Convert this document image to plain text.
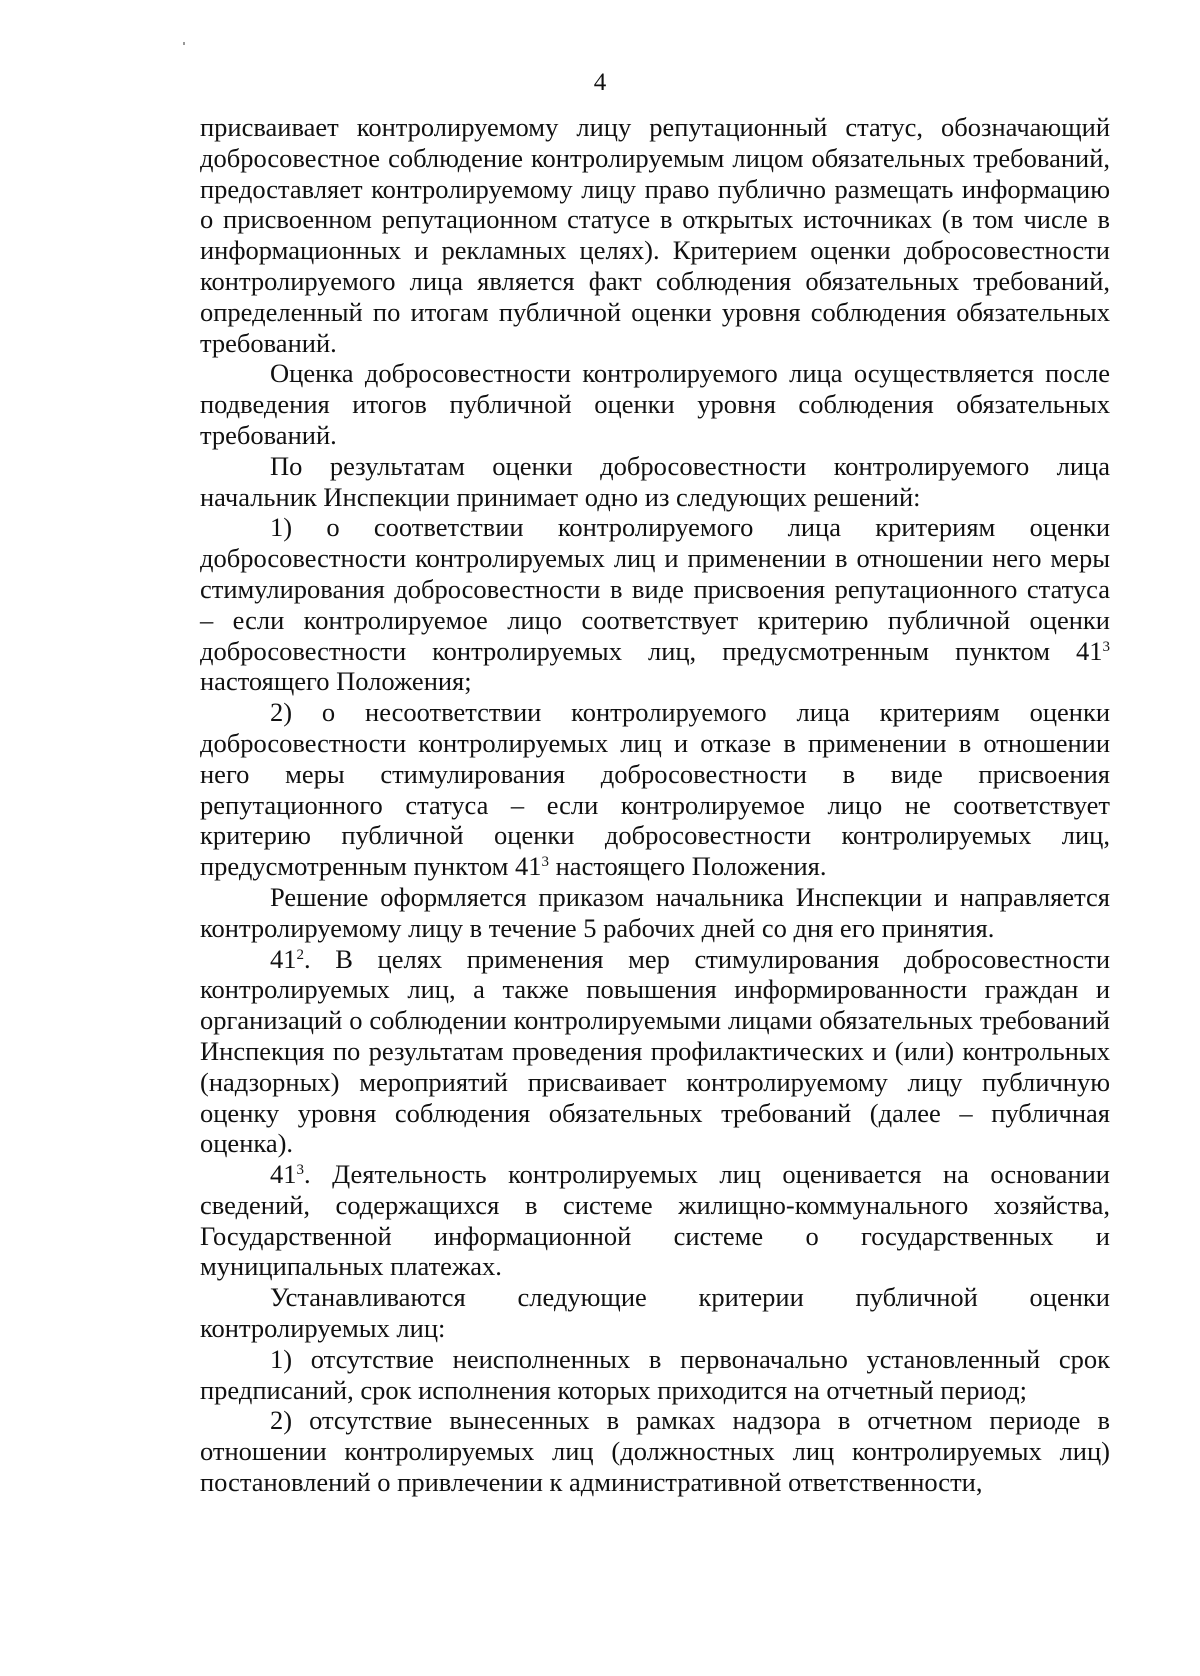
4

присваивает контролируемому лицу репутационный статус, обозначающий добросовестное соблюдение контролируемым лицом обязательных требований, предоставляет контролируемому лицу право публично размещать информацию о присвоенном репутационном статусе в открытых источниках (в том числе в информационных и рекламных целях). Критерием оценки добросовестности контролируемого лица является факт соблюдения обязательных требований, определенный по итогам публичной оценки уровня соблюдения обязательных требований.

Оценка добросовестности контролируемого лица осуществляется после подведения итогов публичной оценки уровня соблюдения обязательных требований.

По результатам оценки добросовестности контролируемого лица начальник Инспекции принимает одно из следующих решений:

1) о соответствии контролируемого лица критериям оценки добросовестности контролируемых лиц и применении в отношении него меры стимулирования добросовестности в виде присвоения репутационного статуса – если контролируемое лицо соответствует критерию публичной оценки добросовестности контролируемых лиц, предусмотренным пунктом $41^3$ настоящего Положения;

2) о несоответствии контролируемого лица критериям оценки добросовестности контролируемых лиц и отказе в применении в отношении него меры стимулирования добросовестности в виде присвоения репутационного статуса – если контролируемое лицо не соответствует критерию публичной оценки добросовестности контролируемых лиц, предусмотренным пунктом $41^3$ настоящего Положения.

Решение оформляется приказом начальника Инспекции и направляется контролируемому лицу в течение 5 рабочих дней со дня его принятия.

$41^2$. В целях применения мер стимулирования добросовестности контролируемых лиц, а также повышения информированности граждан и организаций о соблюдении контролируемыми лицами обязательных требований Инспекция по результатам проведения профилактических и (или) контрольных (надзорных) мероприятий присваивает контролируемому лицу публичную оценку уровня соблюдения обязательных требований (далее – публичная оценка).

$41^3$. Деятельность контролируемых лиц оценивается на основании сведений, содержащихся в системе жилищно-коммунального хозяйства, Государственной информационной системе о государственных и муниципальных платежах.

Устанавливаются следующие критерии публичной оценки контролируемых лиц:

1) отсутствие неисполненных в первоначально установленный срок предписаний, срок исполнения которых приходится на отчетный период;

2) отсутствие вынесенных в рамках надзора в отчетном периоде в отношении контролируемых лиц (должностных лиц контролируемых лиц) постановлений о привлечении к административной ответственности,
